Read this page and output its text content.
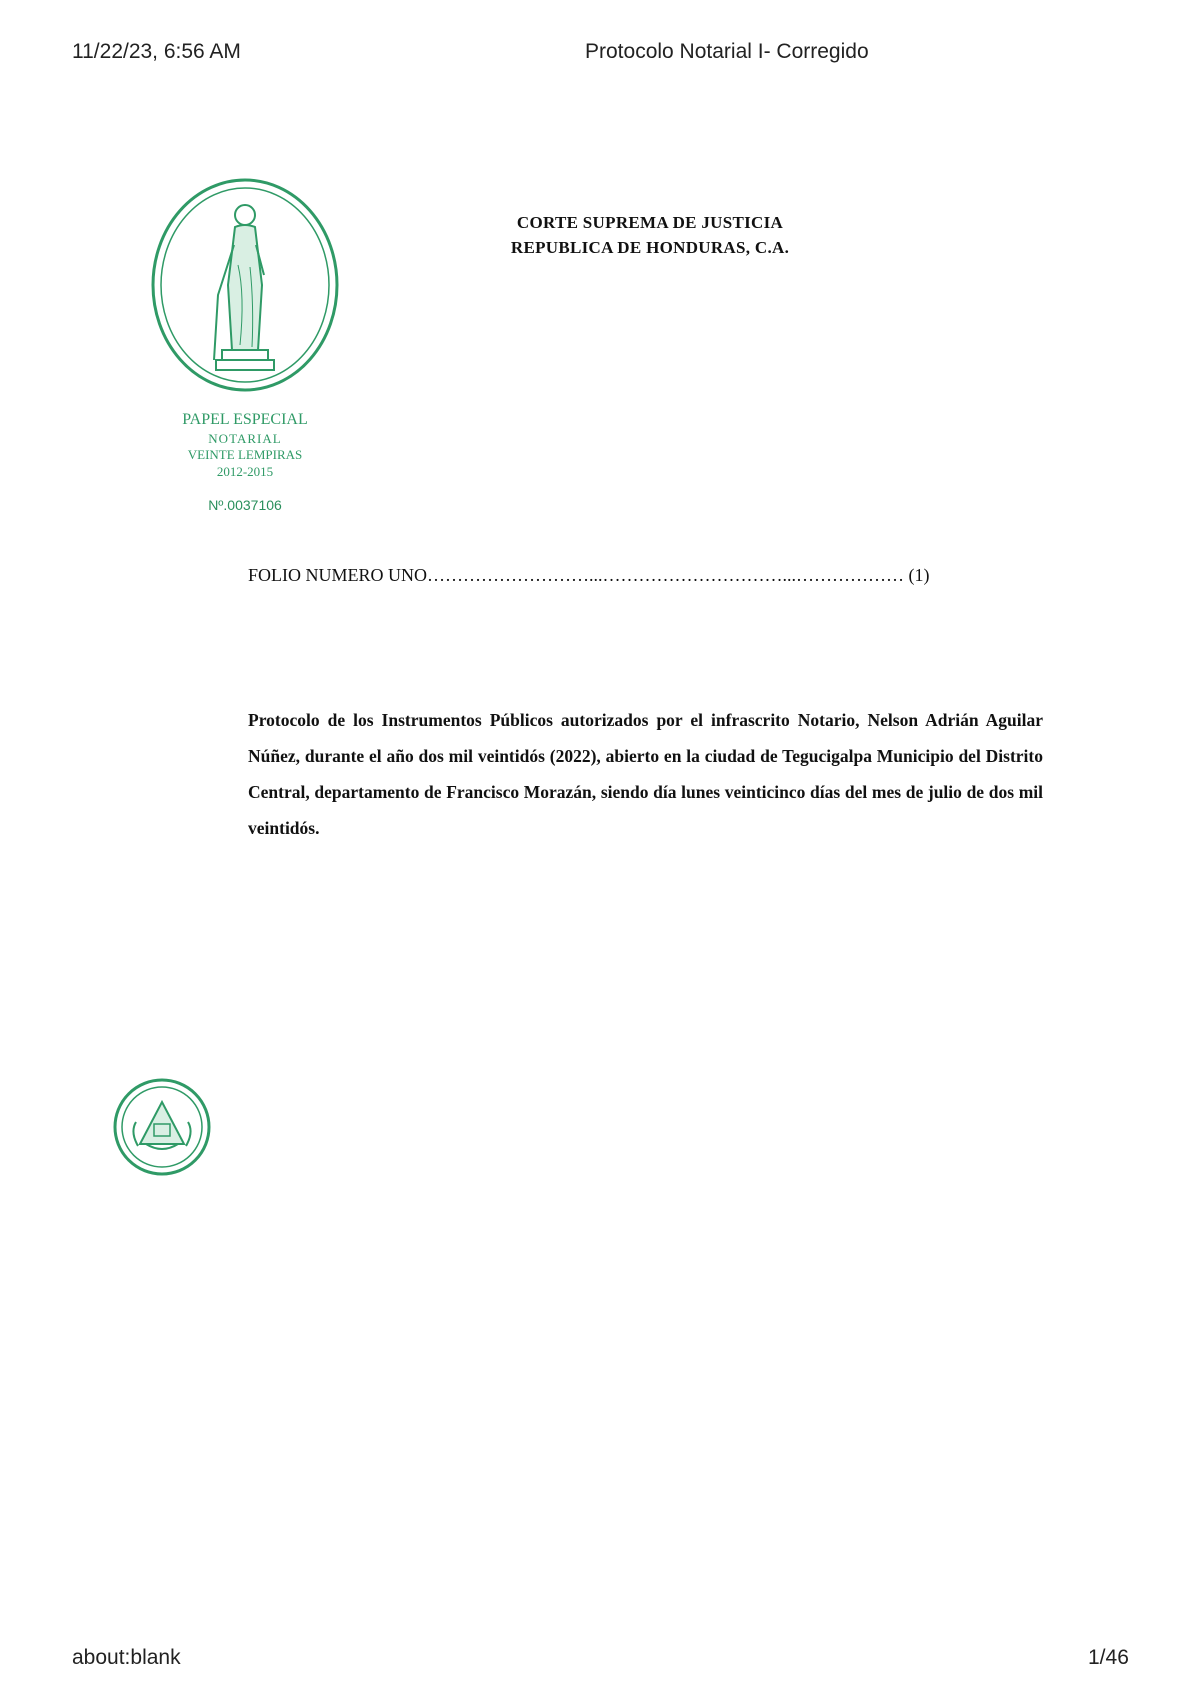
11/22/23, 6:56 AM	Protocolo Notarial I- Corregido
PAPEL ESPECIAL
NOTARIAL
VEINTE LEMPIRAS
2012-2015
Nº.0037106
CORTE SUPREMA DE JUSTICIA
REPUBLICA DE HONDURAS, C.A.
FOLIO NUMERO UNO………………………...…………………………...……………… (1)
Protocolo de los Instrumentos Públicos autorizados por el infrascrito Notario, Nelson Adrián Aguilar Núñez, durante el año dos mil veintidós (2022), abierto en la ciudad de Tegucigalpa Municipio del Distrito Central, departamento de Francisco Morazán, siendo día lunes veinticinco días del mes de julio de dos mil veintidós.
about:blank	1/46
